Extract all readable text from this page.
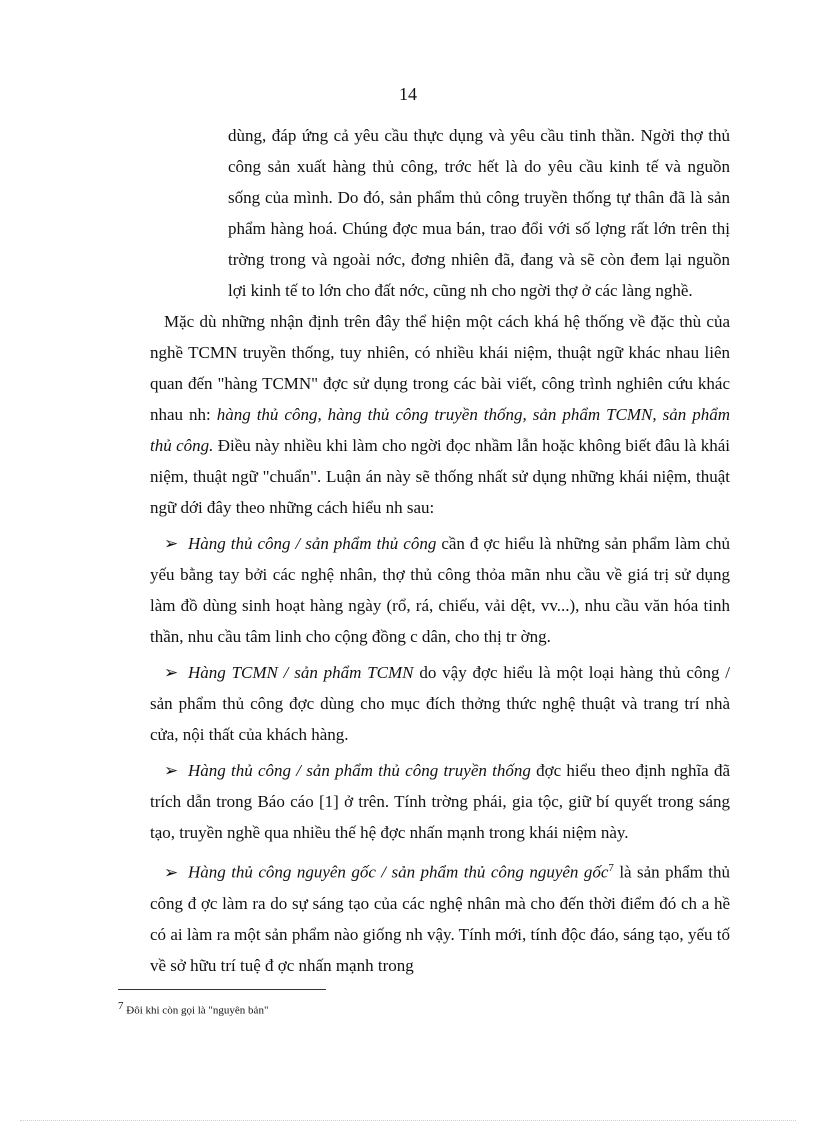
14

dùng, đáp ứng cả yêu cầu thực dụng và yêu cầu tinh thần. Ngời thợ thủ công sản xuất hàng thủ công, trớc hết là do yêu cầu kinh tế và nguồn sống của mình. Do đó, sản phẩm thủ công truyền thống tự thân đã là sản phẩm hàng hoá. Chúng đợc mua bán, trao đổi với số lợng rất lớn trên thị trờng trong và ngoài nớc, đơng nhiên đã, đang và sẽ còn đem lại nguồn lợi kinh tế to lớn cho đất nớc, cũng nh cho ngời thợ ở các làng nghề.

Mặc dù những nhận định trên đây thể hiện một cách khá hệ thống về đặc thù của nghề TCMN truyền thống, tuy nhiên, có nhiều khái niệm, thuật ngữ khác nhau liên quan đến "hàng TCMN" đợc sử dụng trong các bài viết, công trình nghiên cứu khác nhau nh: hàng thủ công, hàng thủ công truyền thống, sản phẩm TCMN, sản phẩm thủ công. Điều này nhiều khi làm cho ngời đọc nhầm lẫn hoặc không biết đâu là khái niệm, thuật ngữ "chuẩn". Luận án này sẽ thống nhất sử dụng những khái niệm, thuật ngữ dới đây theo những cách hiểu nh sau:

➢ Hàng thủ công / sản phẩm thủ công cần đ ợc hiểu là những sản phẩm làm chủ yếu bằng tay bởi các nghệ nhân, thợ thủ công thỏa mãn nhu cầu về giá trị sử dụng làm đồ dùng sinh hoạt hàng ngày (rổ, rá, chiếu, vải dệt, vv...), nhu cầu văn hóa tinh thần, nhu cầu tâm linh cho cộng đồng c dân, cho thị tr ờng.

➢ Hàng TCMN / sản phẩm TCMN do vậy đợc hiểu là một loại hàng thủ công / sản phẩm thủ công đợc dùng cho mục đích thởng thức nghệ thuật và trang trí nhà cửa, nội thất của khách hàng.

➢ Hàng thủ công / sản phẩm thủ công truyền thống đợc hiểu theo định nghĩa đã trích dẫn trong Báo cáo [1] ở trên. Tính trờng phái, gia tộc, giữ bí quyết trong sáng tạo, truyền nghề qua nhiều thế hệ đợc nhấn mạnh trong khái niệm này.

➢ Hàng thủ công nguyên gốc / sản phẩm thủ công nguyên gốc$^7$ là sản phẩm thủ công đ ợc làm ra do sự sáng tạo của các nghệ nhân mà cho đến thời điểm đó ch a hề có ai làm ra một sản phẩm nào giống nh vậy. Tính mới, tính độc đáo, sáng tạo, yếu tố về sở hữu trí tuệ đ ợc nhấn mạnh trong

$^7$ Đôi khi còn gọi là "nguyên bản"
